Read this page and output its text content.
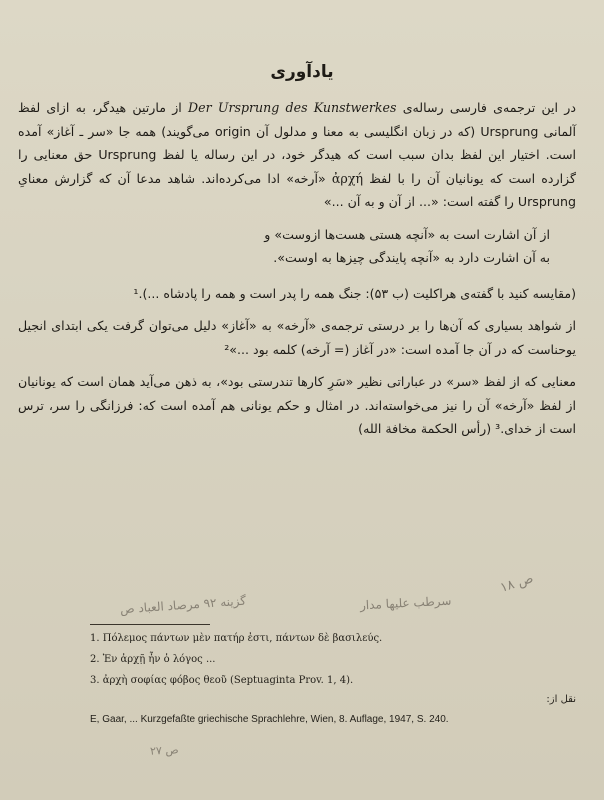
یادآوری

در این ترجمه‌ی فارسی رساله‌ی Der Ursprung des Kunstwerkes از مارتین هیدگر، به ازای لفظ آلمانی Ursprung (که در زبان انگلیسی به معنا و مدلول آن origin می‌گویند) همه جا «سر ـ آغاز» آمده است. اختیار این لفظ بدان سبب است که هیدگر خود، در این رساله یا لفظ Ursprung حق معنایی را گزارده است که یونانیان آن را با لفظ ἀρχή «آرخه» ادا می‌کرده‌اند. شاهد مدعا آن که گزارش معنایِ Ursprung را گفته است: «... از آن و به آن ...»

از آن اشارت است به «آنچه هستی هست‌ها ازوست» و
به آن اشارت دارد به «آنچه پایندگی چیزها به اوست».

(مقایسه کنید با گفته‌ی هراکلیت (ب ۵۳): جنگ همه را پدر است و همه را پادشاه ...).¹

از شواهد بسیاری که آن‌ها را بر درستی ترجمه‌ی «آرخه» به «آغاز» دلیل می‌توان گرفت یکی ابتدای انجیل یوحناست که در آن جا آمده است: «در آغاز (= آرخه) کلمه بود ...»²

معنایی که از لفظ «سر» در عباراتی نظیر «سَرِ کارها تندرستی بود»، به ذهن می‌آید همان است که یونانیان از لفظ «آرخه» آن را نیز می‌خواسته‌اند. در امثال و حکم یونانی هم آمده است که: فرزانگی را سر، ترس است از خدای.³ (رأس الحکمة مخافة الله)

گزینه ۹۲ مرصاد العباد ص	سرطب علیها مدار
ص ۱۸
1. Πόλεμος πάντων μὲν πατήρ ἐστι, πάντων δὲ βασιλεύς.
2. Ἐν ἀρχῇ ἦν ὁ λόγος ...
3. ἀρχὴ σοφίας φόβος θεοῦ (Septuaginta Prov. 1, 4).
نقل از:
E, Gaar, ... Kurzgefaßte griechische Sprachlehre, Wien, 8. Auflage, 1947, S. 240.
ص ۲۷
